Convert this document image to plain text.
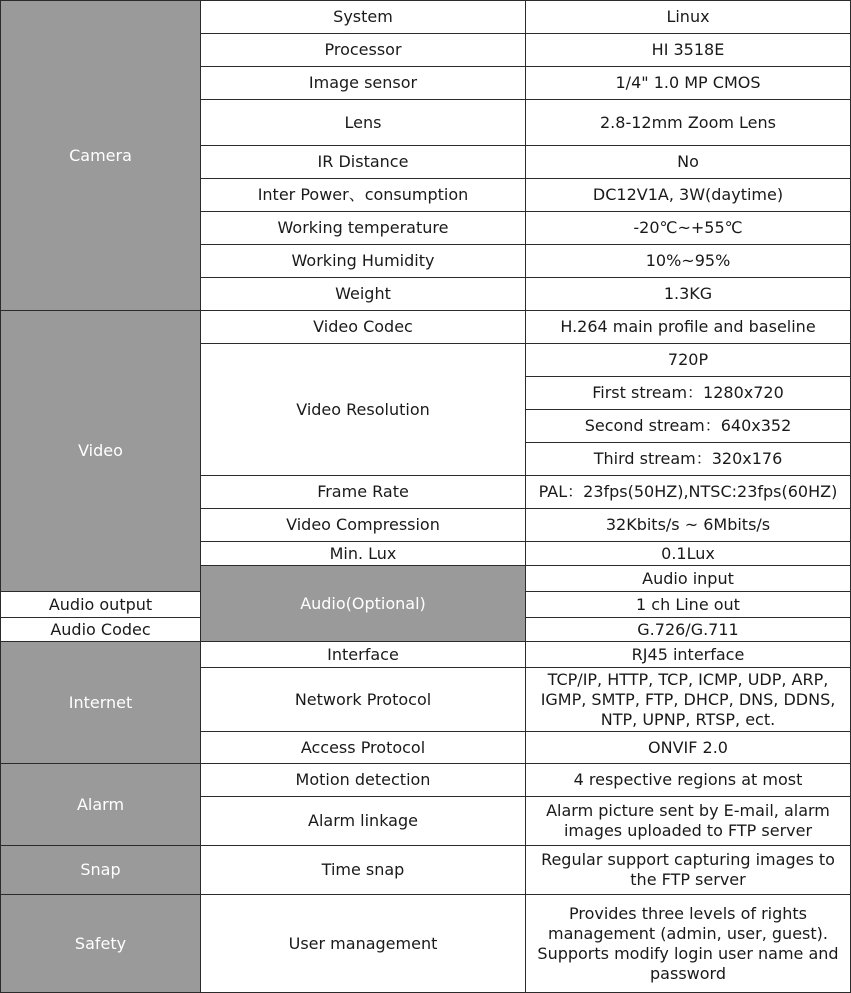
Camera	System	Linux	
	Processor	HI 3518E	
	Image sensor	1/4" 1.0 MP CMOS	
	Lens	2.8-12mm Zoom Lens	
	IR Distance	No	
	Inter Power、consumption	DC12V1A, 3W(daytime)	
	Working temperature	-20℃~+55℃	
	Working Humidity	10%~95%	
	Weight	1.3KG	
Video	Video Codec	H.264 main profile and baseline	
	Video Resolution	720P	
		First stream：1280x720	
		Second stream：640x352	
		Third stream：320x176	
	Frame Rate	PAL：23fps(50HZ),NTSC:23fps(60HZ)	
	Video Compression	32Kbits/s ~ 6Mbits/s	
	Min. Lux	0.1Lux	
	Audio(Optional)	Audio input	
Audio output		1 ch Line out	
Audio Codec		G.726/G.711	
Internet	Interface	RJ45 interface	
	Network Protocol	TCP/IP, HTTP, TCP, ICMP, UDP, ARP, IGMP, SMTP, FTP, DHCP, DNS, DDNS, NTP, UPNP, RTSP, ect.	
	Access Protocol	ONVIF 2.0	
Alarm	Motion detection	4 respective regions at most	
	Alarm linkage	Alarm picture sent by E-mail, alarm images uploaded to FTP server	
Snap	Time snap	Regular support capturing images to the FTP server	
Safety	User management	Provides three levels of rights management (admin, user, guest). Supports modify login user name and password	
